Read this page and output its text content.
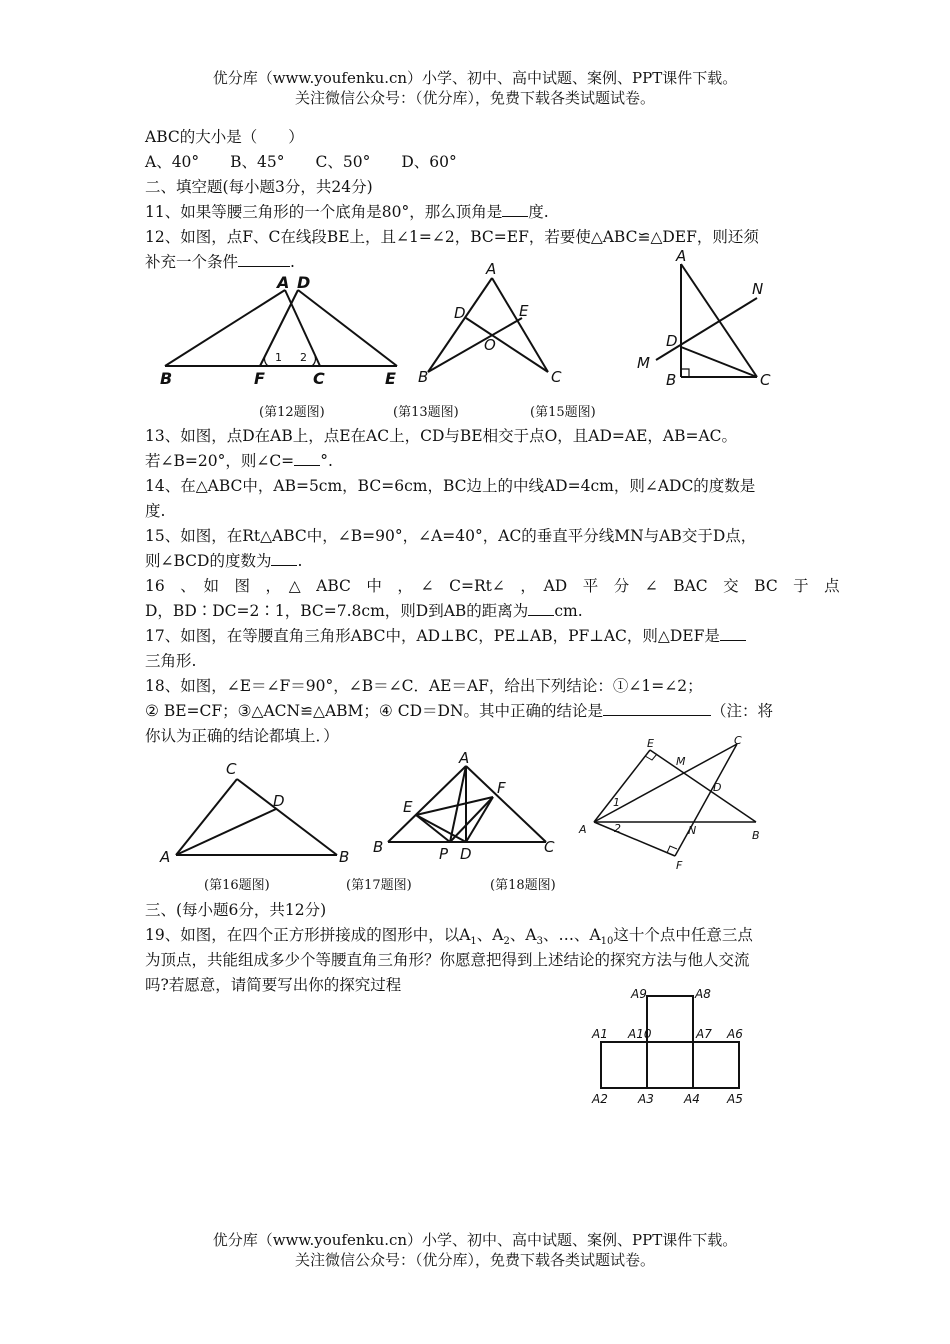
优分库（www.youfenku.cn）小学、初中、高中试题、案例、PPT课件下载。
关注微信公众号：（优分库），免费下载各类试题试卷。
ABC的大小是（　　）
A、40°　　B、45°　　C、50°　　D、60°
二、填空题(每小题3分，共24分)
11、如果等腰三角形的一个底角是80°，那么顶角是 度.
12、如图，点F、C在线段BE上，且∠1=∠2，BC=EF，若要使△ABC≌△DEF，则还须
补充一个条件	.
A D
B	F	C	E
1 2
A
D	E
O
B	C
A
N
D
M
B	C
(第12题图)	(第13题图)	(第15题图)
13、如图，点D在AB上，点E在AC上，CD与BE相交于点O，且AD=AE，AB=AC。
若∠B=20°，则∠C= °.
14、在△ABC中，AB=5cm，BC=6cm，BC边上的中线AD=4cm，则∠ADC的度数是
度.
15、如图，在Rt△ABC中，∠B=90°，∠A=40°，AC的垂直平分线MN与AB交于D点，
则∠BCD的度数为 .
16　、　如　图　，　△　ABC　中　，　∠　C=Rt∠　，　AD　平　分　∠　BAC　交　BC　于　点
D，BD∶DC=2∶1，BC=7.8cm，则D到AB的距离为 cm.
17、如图，在等腰直角三角形ABC中，AD⊥BC，PE⊥AB，PF⊥AC，则△DEF是
三角形.
18、如图，∠E＝∠F＝90°，∠B＝∠C．AE＝AF，给出下列结论：①∠1=∠2；
② BE=CF；③△ACN≌△ABM；④ CD＝DN。其中正确的结论是	（注：将
你认为正确的结论都填上．）
C
D
A	B
A
F
E
B	P D	C
E	C
M
D
1
2
A	N	B
F
(第16题图)	(第17题图)	(第18题图)
三、(每小题6分，共12分)
19、如图，在四个正方形拼接成的图形中，以$A_1$、$A_2$、$A_3$、…、$A_{10}$这十个点中任意三点
为顶点，共能组成多少个等腰直角三角形？你愿意把得到上述结论的探究方法与他人交流
吗?若愿意，请简要写出你的探究过程	A9	A8
A1 A10	A7 A6
A2	A3	A4 A5
优分库（www.youfenku.cn）小学、初中、高中试题、案例、PPT课件下载。
关注微信公众号：（优分库），免费下载各类试题试卷。
